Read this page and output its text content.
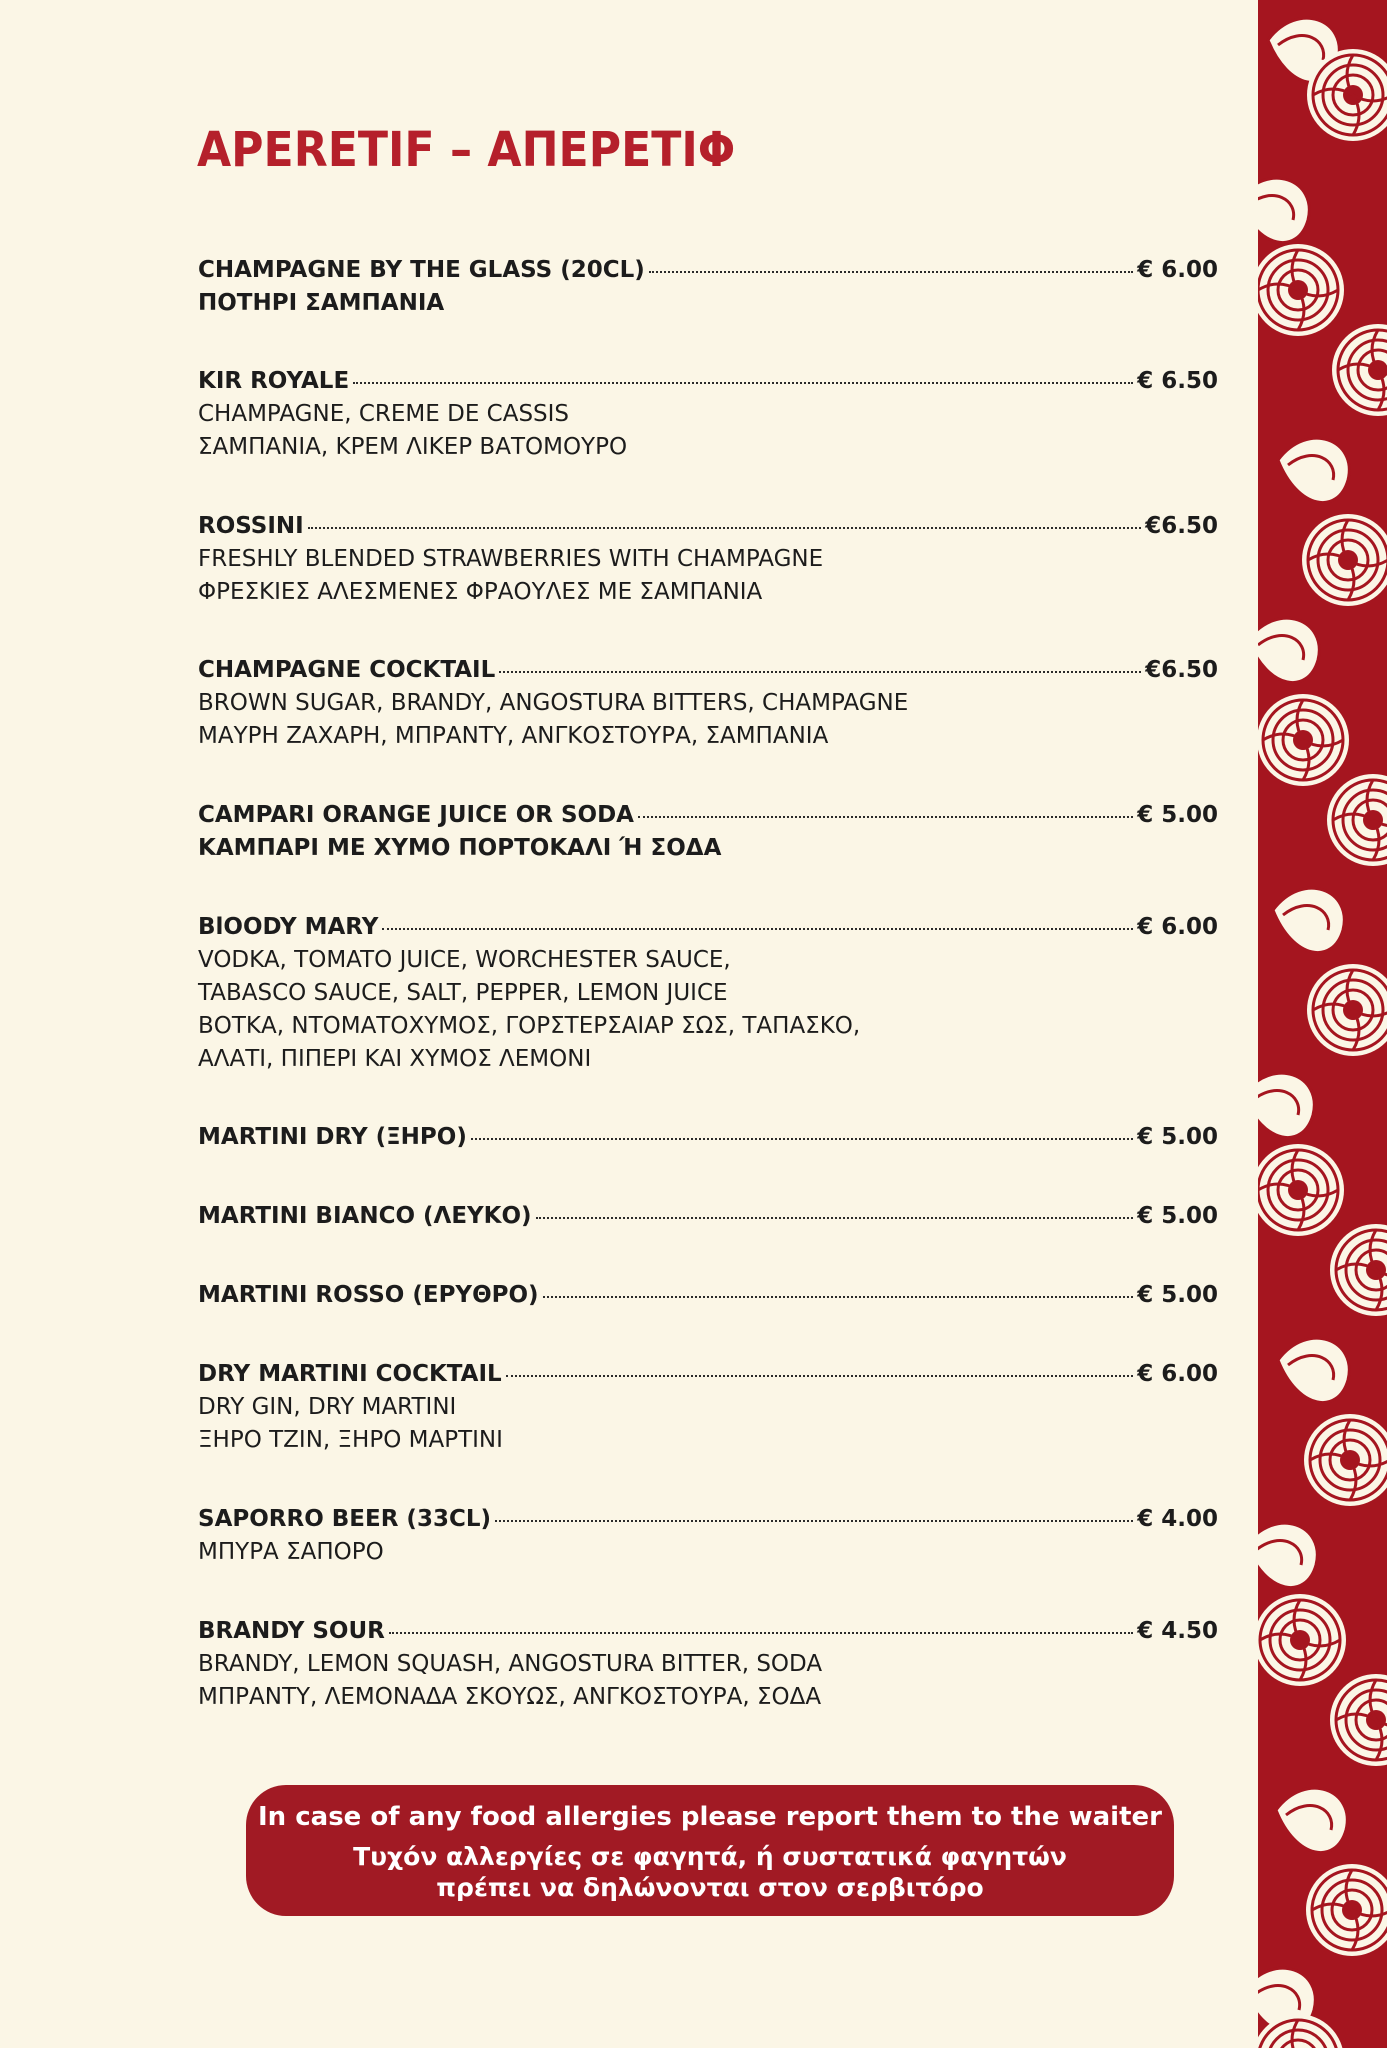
APERETIF – ΑΠΕΡΕΤΙΦ
CHAMPAGNE BY THE GLASS (20CL)	€ 6.00
ΠΟΤΗΡΙ ΣΑΜΠΑΝΙΑ
KIR ROYALE	€ 6.50
CHAMPAGNE, CREME DE CASSIS
ΣΑΜΠΑΝΙΑ, ΚΡΕΜ ΛΙΚΕΡ ΒΑΤΟΜΟΥΡΟ
ROSSINI	€6.50
FRESHLY BLENDED STRAWBERRIES WITH CHAMPAGNE
ΦΡΕΣΚΙΕΣ ΑΛΕΣΜΕΝΕΣ ΦΡΑΟΥΛΕΣ ΜΕ ΣΑΜΠΑΝΙΑ
CHAMPAGNE COCKTAIL	€6.50
BROWN SUGAR, BRANDY, ANGOSTURA BITTERS, CHAMPAGNE
ΜΑΥΡΗ ΖΑΧΑΡΗ, ΜΠΡΑΝΤΥ, ΑΝΓΚΟΣΤΟΥΡΑ, ΣΑΜΠΑΝΙΑ
CAMPARI ORANGE JUICE OR SODA	€ 5.00
ΚΑΜΠΑΡΙ ΜΕ ΧΥΜΟ ΠΟΡΤΟΚΑΛΙ Ή ΣΟΔΑ
BlOODY MARY	€ 6.00
VODKA, TOMATO JUICE, WORCHESTER SAUCE,
TABASCO SAUCE, SALT, PEPPER, LEMON JUICE
ΒΟΤΚΑ, ΝΤΟΜΑΤΟΧΥΜΟΣ, ΓΟΡΣΤΕΡΣΑΙΑΡ ΣΩΣ, ΤΑΠΑΣΚΟ,
ΑΛΑΤΙ, ΠΙΠΕΡΙ ΚΑΙ ΧΥΜΟΣ ΛΕΜΟΝΙ
MARTINI DRY (ΞΗΡΟ)	€ 5.00
MARTINI BIANCO (ΛΕΥΚΟ)	€ 5.00
MARTINI ROSSO (ΕΡΥΘΡΟ)	€ 5.00
DRY MARTINI COCKTAIL	€ 6.00
DRY GIN, DRY MARTINI
ΞΗΡΟ ΤΖΙΝ, ΞΗΡΟ ΜΑΡΤΙΝΙ
SAPORRO BEER (33CL)	€ 4.00
ΜΠΥΡΑ ΣΑΠΟΡΟ
BRANDY SOUR	€ 4.50
BRANDY, LEMON SQUASH, ANGOSTURA BITTER, SODA
ΜΠΡΑΝΤΥ, ΛΕΜΟΝΑΔΑ ΣΚΟΥΩΣ, ΑΝΓΚΟΣΤΟΥΡΑ, ΣΟΔΑ
In case of any food allergies please report them to the waiter
Τυχόν αλλεργίες σε φαγητά, ή συστατικά φαγητών
πρέπει να δηλώνονται στον σερβιτόρο
